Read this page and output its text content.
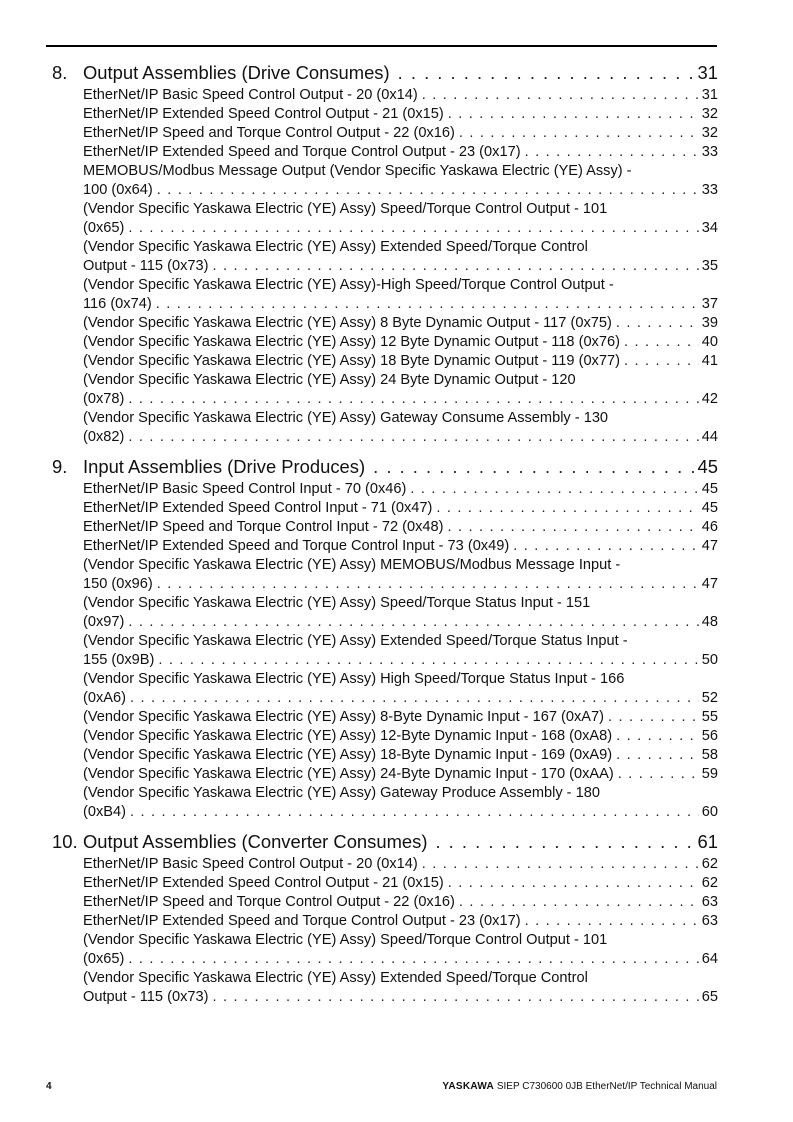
8. Output Assemblies (Drive Consumes) . . .	31
EtherNet/IP Basic Speed Control Output - 20 (0x14) . . .	31
EtherNet/IP Extended Speed Control Output - 21 (0x15) . . .	32
EtherNet/IP Speed and Torque Control Output - 22 (0x16) . . .	32
EtherNet/IP Extended Speed and Torque Control Output - 23 (0x17) . . .	33
MEMOBUS/Modbus Message Output (Vendor Specific Yaskawa Electric (YE) Assy) -
100 (0x64) . . .	33
(Vendor Specific Yaskawa Electric (YE) Assy) Speed/Torque Control Output - 101
(0x65) . . .	34
(Vendor Specific Yaskawa Electric (YE) Assy) Extended Speed/Torque Control
Output - 115 (0x73) . . .	35
(Vendor Specific Yaskawa Electric (YE) Assy)-High Speed/Torque Control Output -
116 (0x74) . . .	37
(Vendor Specific Yaskawa Electric (YE) Assy) 8 Byte Dynamic Output - 117 (0x75) . . .	39
(Vendor Specific Yaskawa Electric (YE) Assy) 12 Byte Dynamic Output - 118 (0x76) . . .	40
(Vendor Specific Yaskawa Electric (YE) Assy) 18 Byte Dynamic Output - 119 (0x77) . . .	41
(Vendor Specific Yaskawa Electric (YE) Assy) 24 Byte Dynamic Output - 120
(0x78) . . .	42
(Vendor Specific Yaskawa Electric (YE) Assy) Gateway Consume Assembly - 130
(0x82) . . .	44
9. Input Assemblies (Drive Produces) . . .	45
EtherNet/IP Basic Speed Control Input - 70 (0x46) . . .	45
EtherNet/IP Extended Speed Control Input - 71 (0x47) . . .	45
EtherNet/IP Speed and Torque Control Input - 72 (0x48) . . .	46
EtherNet/IP Extended Speed and Torque Control Input - 73 (0x49) . . .	47
(Vendor Specific Yaskawa Electric (YE) Assy) MEMOBUS/Modbus Message Input -
150 (0x96) . . .	47
(Vendor Specific Yaskawa Electric (YE) Assy) Speed/Torque Status Input - 151
(0x97) . . .	48
(Vendor Specific Yaskawa Electric (YE) Assy) Extended Speed/Torque Status Input -
155 (0x9B) . . .	50
(Vendor Specific Yaskawa Electric (YE) Assy) High Speed/Torque Status Input - 166
(0xA6) . . .	52
(Vendor Specific Yaskawa Electric (YE) Assy) 8-Byte Dynamic Input - 167 (0xA7) . . .	55
(Vendor Specific Yaskawa Electric (YE) Assy) 12-Byte Dynamic Input - 168 (0xA8) . . .	56
(Vendor Specific Yaskawa Electric (YE) Assy) 18-Byte Dynamic Input - 169 (0xA9) . . .	58
(Vendor Specific Yaskawa Electric (YE) Assy) 24-Byte Dynamic Input - 170 (0xAA) . . .	59
(Vendor Specific Yaskawa Electric (YE) Assy) Gateway Produce Assembly - 180
(0xB4) . . .	60
10. Output Assemblies (Converter Consumes) . . .	61
EtherNet/IP Basic Speed Control Output - 20 (0x14) . . .	62
EtherNet/IP Extended Speed Control Output - 21 (0x15) . . .	62
EtherNet/IP Speed and Torque Control Output - 22 (0x16) . . .	63
EtherNet/IP Extended Speed and Torque Control Output - 23 (0x17) . . .	63
(Vendor Specific Yaskawa Electric (YE) Assy) Speed/Torque Control Output - 101
(0x65) . . .	64
(Vendor Specific Yaskawa Electric (YE) Assy) Extended Speed/Torque Control
Output - 115 (0x73) . . .	65
4	YASKAWA SIEP C730600 0JB EtherNet/IP Technical Manual
